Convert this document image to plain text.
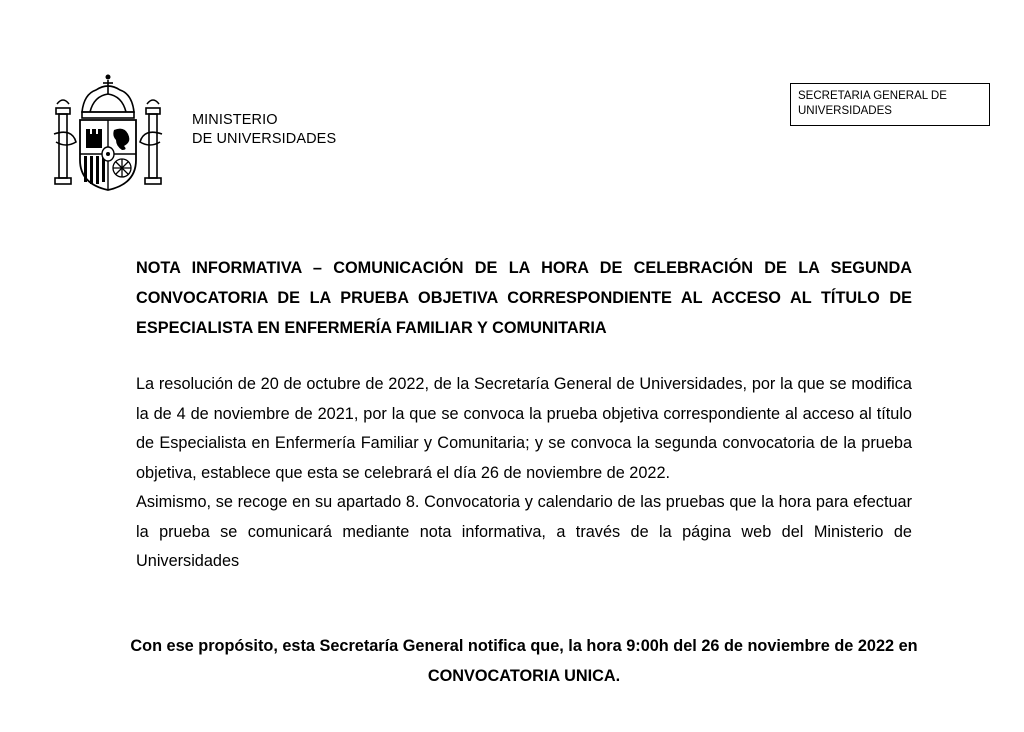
MINISTERIO
DE UNIVERSIDADES
SECRETARIA GENERAL DE
UNIVERSIDADES
NOTA INFORMATIVA – COMUNICACIÓN DE LA HORA DE CELEBRACIÓN DE LA SEGUNDA CONVOCATORIA DE LA PRUEBA OBJETIVA CORRESPONDIENTE AL ACCESO AL TÍTULO DE ESPECIALISTA EN ENFERMERÍA FAMILIAR Y COMUNITARIA
La resolución de 20 de octubre de 2022, de la Secretaría General de Universidades, por la que se modifica la de 4 de noviembre de 2021, por la que se convoca la prueba objetiva correspondiente al acceso al título de Especialista en Enfermería Familiar y Comunitaria; y se convoca la segunda convocatoria de la prueba objetiva, establece que esta se celebrará el día 26 de noviembre de 2022.
Asimismo, se recoge en su apartado 8. Convocatoria y calendario de las pruebas que la hora para efectuar la prueba se comunicará mediante nota informativa, a través de la página web del Ministerio de Universidades
Con ese propósito, esta Secretaría General notifica que, la hora 9:00h del 26 de noviembre de 2022 en CONVOCATORIA UNICA.
